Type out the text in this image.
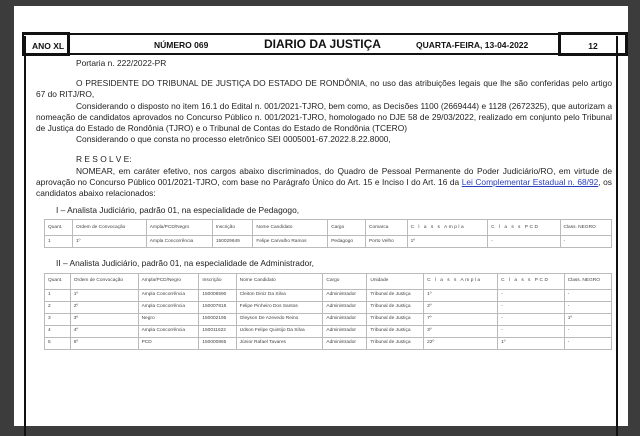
ANO XL	NÚMERO 069	DIARIO DA JUSTIÇA	QUARTA-FEIRA, 13-04-2022	12

Portaria n. 222/2022-PR

O PRESIDENTE DO TRIBUNAL DE JUSTIÇA DO ESTADO DE RONDÔNIA, no uso das atribuições legais que lhe são conferidas pelo artigo 67 do RITJ/RO,

Considerando o disposto no item 16.1 do Edital n. 001/2021-TJRO, bem como, as Decisões 1100 (2669444) e 1128 (2672325), que autorizam a nomeação de candidatos aprovados no Concurso Público n. 001/2021-TJRO, homologado no DJE 58 de 29/03/2022, realizado em conjunto pelo Tribunal de Justiça do Estado de Rondônia (TJRO) e o Tribunal de Contas do Estado de Rondônia (TCERO)

Considerando o que consta no processo eletrônico SEI 0005001-67.2022.8.22.8000,

R E S O L V E:

NOMEAR, em caráter efetivo, nos cargos abaixo discriminados, do Quadro de Pessoal Permanente do Poder Judiciário/RO, em virtude de aprovação no Concurso Público 001/2021-TJRO, com base no Parágrafo Único do Art. 15 e Inciso I do Art. 16 da Lei Complementar Estadual n. 68/92, os candidatos abaixo relacionados:

I – Analista Judiciário, padrão 01, na especialidade de Pedagogo,

Quant.	Ordem de Convocação	Ampla/PCD/Negro	Inscrição	Nome Candidato	Cargo	Comarca	C l a s s Ampla	C l a s s PCD	Class. NEGRO
1	1º	Ampla Concorrência	150029649	Felipe Carvalho Ramos	Pedagogo	Porto Velho	1º	-	-

II – Analista Judiciário, padrão 01, na especialidade de Administrador,

Quant.	Ordem de Convocação	Ampla/PCD/Negro	Inscrição	Nome Candidato	Cargo	Unidade	C l a s s Ampla	C l a s s PCD	Class. NEGRO
1	1º	Ampla Concorrência	150006590	Cleiton Diniz Da Silva	Administrador	Tribunal de Justiça	1º	-	-
2	2º	Ampla Concorrência	150007818	Felipe Pinheiro Dos Santos	Administrador	Tribunal de Justiça	2º	-	-
3	3º	Negro	150002195	Gleyson De Azevedo Reino	Administrador	Tribunal de Justiça	7º	-	1º
4	4º	Ampla Concorrência	150011622	Udson Felipe Quintijo Da Silva	Administrador	Tribunal de Justiça	3º	-	-
5	5º	PCD	150000865	Júnior Rafael Tavares	Administrador	Tribunal de Justiça	22º	1º	-
